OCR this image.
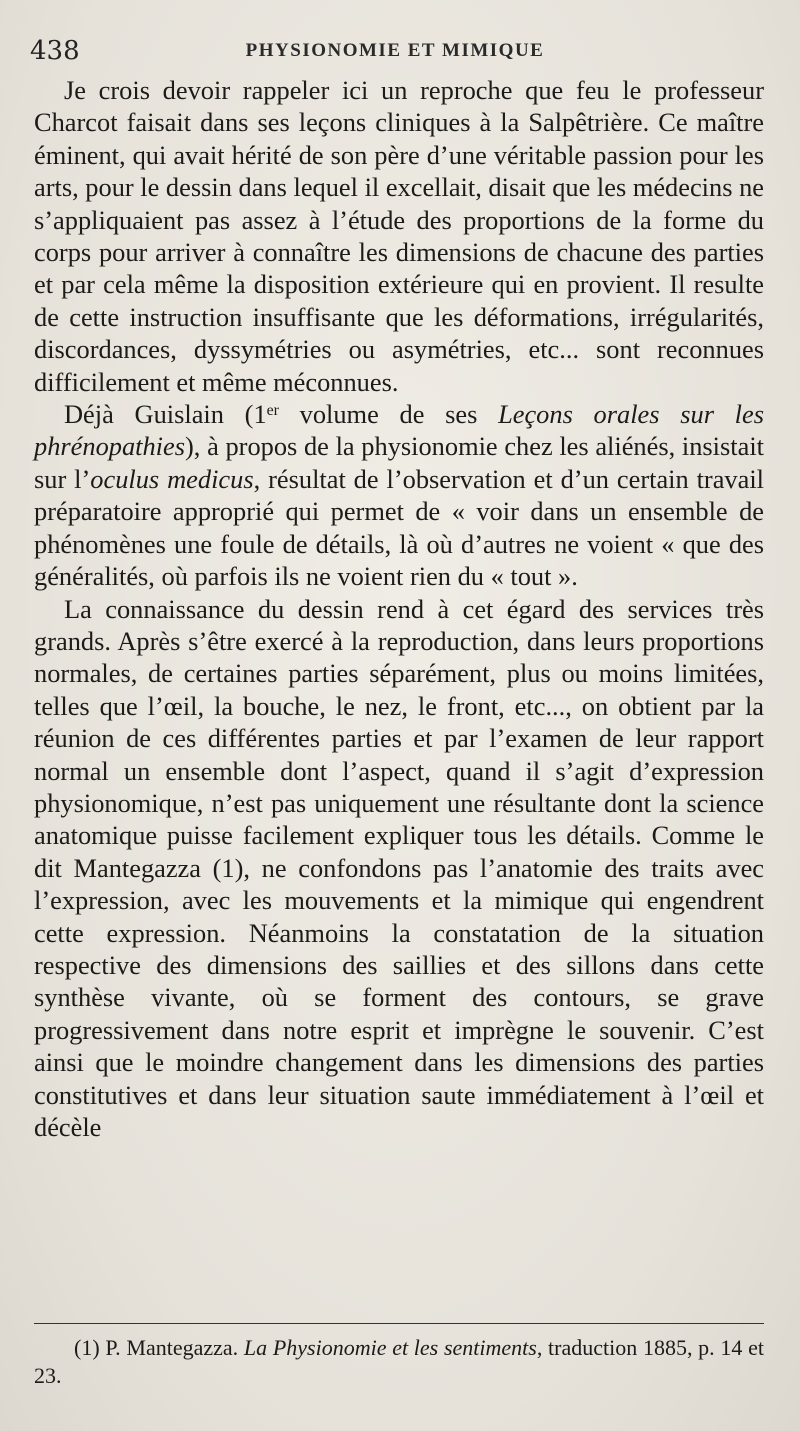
438	PHYSIONOMIE ET MIMIQUE

Je crois devoir rappeler ici un reproche que feu le professeur Charcot faisait dans ses leçons cliniques à la Salpêtrière. Ce maître éminent, qui avait hérité de son père d’une véritable passion pour les arts, pour le dessin dans lequel il excellait, disait que les médecins ne s’appliquaient pas assez à l’étude des proportions de la forme du corps pour arriver à connaître les dimensions de chacune des parties et par cela même la disposition extérieure qui en provient. Il resulte de cette instruction insuffisante que les déformations, irrégularités, discordances, dyssymétries ou asymétries, etc... sont reconnues difficilement et même méconnues.

Déjà Guislain (1er volume de ses Leçons orales sur les phrénopathies), à propos de la physionomie chez les aliénés, insistait sur l’oculus medicus, résultat de l’observation et d’un certain travail préparatoire approprié qui permet de « voir dans un ensemble de phénomènes une foule de détails, là où d’autres ne voient « que des généralités, où parfois ils ne voient rien du « tout ».

La connaissance du dessin rend à cet égard des services très grands. Après s’être exercé à la reproduction, dans leurs proportions normales, de certaines parties séparément, plus ou moins limitées, telles que l’œil, la bouche, le nez, le front, etc..., on obtient par la réunion de ces différentes parties et par l’examen de leur rapport normal un ensemble dont l’aspect, quand il s’agit d’expression physionomique, n’est pas uniquement une résultante dont la science anatomique puisse facilement expliquer tous les détails. Comme le dit Mantegazza (1), ne confondons pas l’anatomie des traits avec l’expression, avec les mouvements et la mimique qui engendrent cette expression. Néanmoins la constatation de la situation respective des dimensions des saillies et des sillons dans cette synthèse vivante, où se forment des contours, se grave progressivement dans notre esprit et imprègne le souvenir. C’est ainsi que le moindre changement dans les dimensions des parties constitutives et dans leur situation saute immédiatement à l’œil et décèle

(1) P. Mantegazza. La Physionomie et les sentiments, traduction 1885, p. 14 et 23.
